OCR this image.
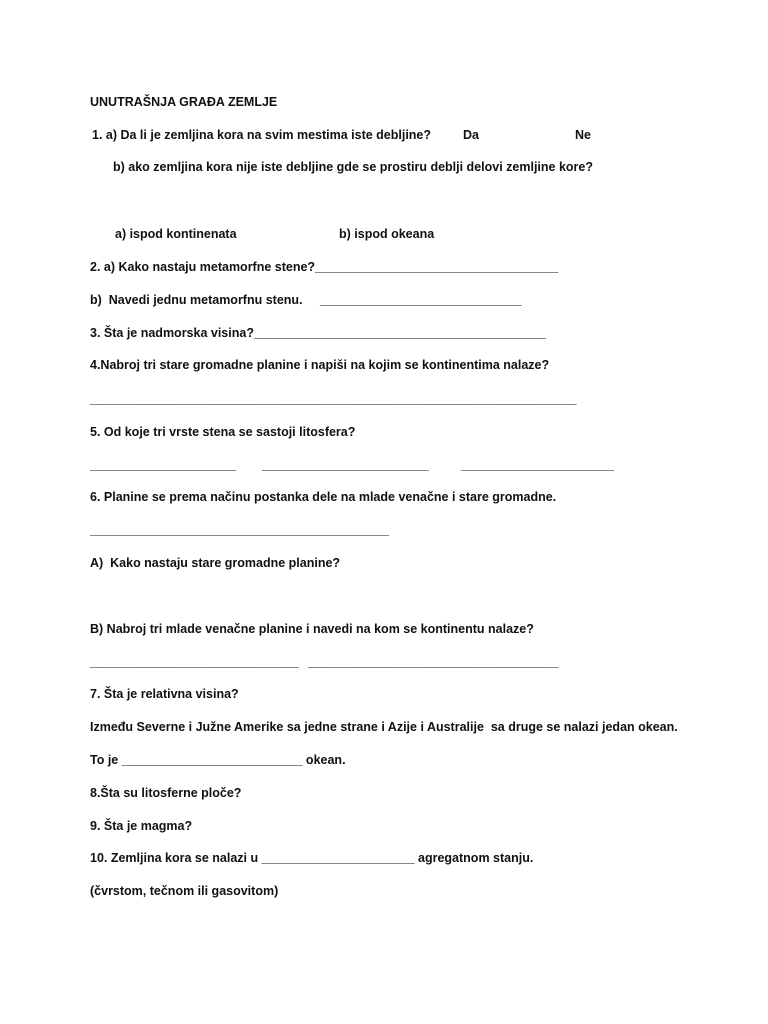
UNUTRAŠNJA GRAĐA ZEMLJE
1. a) Da li je zemljina kora na svim mestima iste debljine?	Da	Ne
b) ako zemljina kora nije iste debljine gde se prostiru deblji delovi zemljine kore?
a) ispod kontinenata	b) ispod okeana
2. a) Kako nastaju metamorfne stene?___________________________________
b)  Navedi jednu metamorfnu stenu.     _____________________________
3. Šta je nadmorska visina?__________________________________________
4.Nabroj tri stare gromadne planine i napiši na kojim se kontinentima nalaze?
______________________________________________________________________
5. Od koje tri vrste stena se sastoji litosfera?
_____________________ ________________________	______________________
6. Planine se prema načinu postanka dele na mlade venačne i stare gromadne.
___________________________________________
A)  Kako nastaju stare gromadne planine?
B) Nabroj tri mlade venačne planine i navedi na kom se kontinentu nalaze?
______________________________ ____________________________________
7. Šta je relativna visina?
Između Severne i Južne Amerike sa jedne strane i Azije i Australije  sa druge se nalazi jedan okean.
To je __________________________ okean.
8.Šta su litosferne ploče?
9. Šta je magma?
10. Zemljina kora se nalazi u ______________________ agregatnom stanju.
(čvrstom, tečnom ili gasovitom)
